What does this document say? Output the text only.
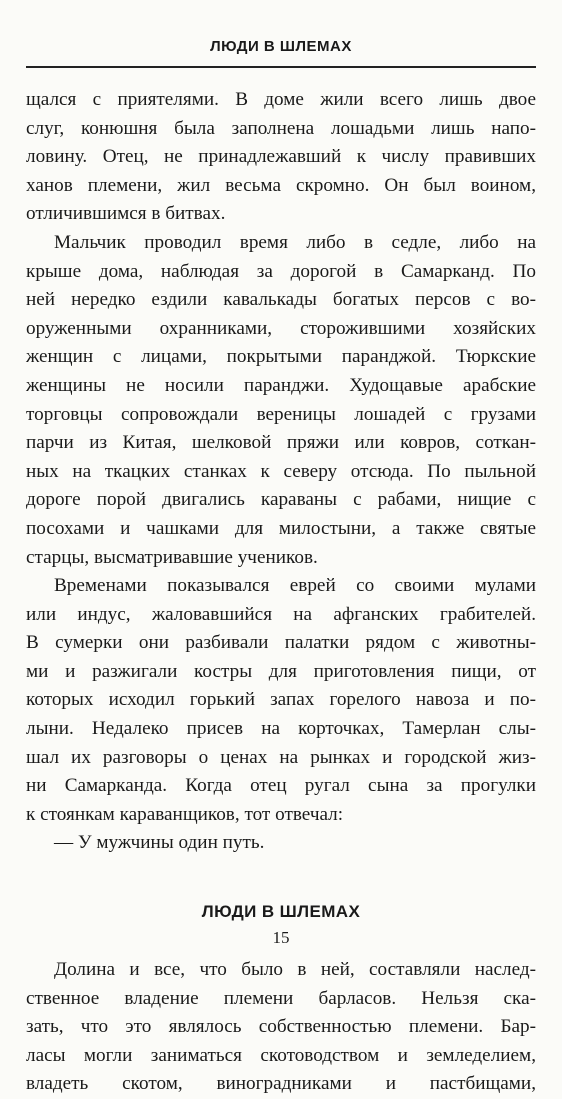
ЛЮДИ В ШЛЕМАХ
щался с приятелями. В доме жили всего лишь двое
слуг, конюшня была заполнена лошадьми лишь напо-
ловину. Отец, не принадлежавший к числу правивших
ханов племени, жил весьма скромно. Он был воином,
отличившимся в битвах.
Мальчик проводил время либо в седле, либо на
крыше дома, наблюдая за дорогой в Самарканд. По
ней нередко ездили кавалькады богатых персов с во-
оруженными охранниками, сторожившими хозяйских
женщин с лицами, покрытыми паранджой. Тюркские
женщины не носили паранджи. Худощавые арабские
торговцы сопровождали вереницы лошадей с грузами
парчи из Китая, шелковой пряжи или ковров, соткан-
ных на ткацких станках к северу отсюда. По пыльной
дороге порой двигались караваны с рабами, нищие с
посохами и чашками для милостыни, а также святые
старцы, высматривавшие учеников.
Временами показывался еврей со своими мулами
или индус, жаловавшийся на афганских грабителей.
В сумерки они разбивали палатки рядом с животны-
ми и разжигали костры для приготовления пищи, от
которых исходил горький запах горелого навоза и по-
лыни. Недалеко присев на корточках, Тамерлан слы-
шал их разговоры о ценах на рынках и городской жиз-
ни Самарканда. Когда отец ругал сына за прогулки
к стоянкам караванщиков, тот отвечал:
— У мужчины один путь.
ЛЮДИ В ШЛЕМАХ
Долина и все, что было в ней, составляли наслед-
ственное владение племени барласов. Нельзя ска-
зать, что это являлось собственностью племени. Бар-
ласы могли заниматься скотоводством и земледелием,
владеть скотом, виноградниками и пастбищами,
15
